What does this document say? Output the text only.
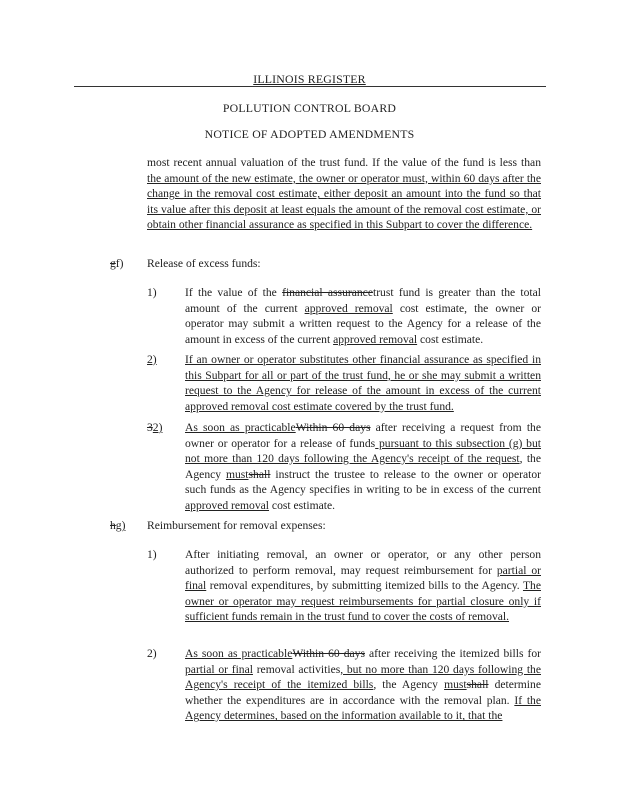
ILLINOIS REGISTER
POLLUTION CONTROL BOARD
NOTICE OF ADOPTED AMENDMENTS
most recent annual valuation of the trust fund. If the value of the fund is less than the amount of the new estimate, the owner or operator must, within 60 days after the change in the removal cost estimate, either deposit an amount into the fund so that its value after this deposit at least equals the amount of the removal cost estimate, or obtain other financial assurance as specified in this Subpart to cover the difference.
gf) Release of excess funds:
1) If the value of the financial assurancetrust fund is greater than the total amount of the current approved removal cost estimate, the owner or operator may submit a written request to the Agency for a release of the amount in excess of the current approved removal cost estimate.
2) If an owner or operator substitutes other financial assurance as specified in this Subpart for all or part of the trust fund, he or she may submit a written request to the Agency for release of the amount in excess of the current approved removal cost estimate covered by the trust fund.
32) As soon as practicableWithin 60 days after receiving a request from the owner or operator for a release of funds pursuant to this subsection (g) but not more than 120 days following the Agency's receipt of the request, the Agency mustshall instruct the trustee to release to the owner or operator such funds as the Agency specifies in writing to be in excess of the current approved removal cost estimate.
hg) Reimbursement for removal expenses:
1) After initiating removal, an owner or operator, or any other person authorized to perform removal, may request reimbursement for partial or final removal expenditures, by submitting itemized bills to the Agency. The owner or operator may request reimbursements for partial closure only if sufficient funds remain in the trust fund to cover the costs of removal.
2) As soon as practicableWithin 60 days after receiving the itemized bills for partial or final removal activities, but no more than 120 days following the Agency's receipt of the itemized bills, the Agency mustshall determine whether the expenditures are in accordance with the removal plan. If the Agency determines, based on the information available to it, that the
